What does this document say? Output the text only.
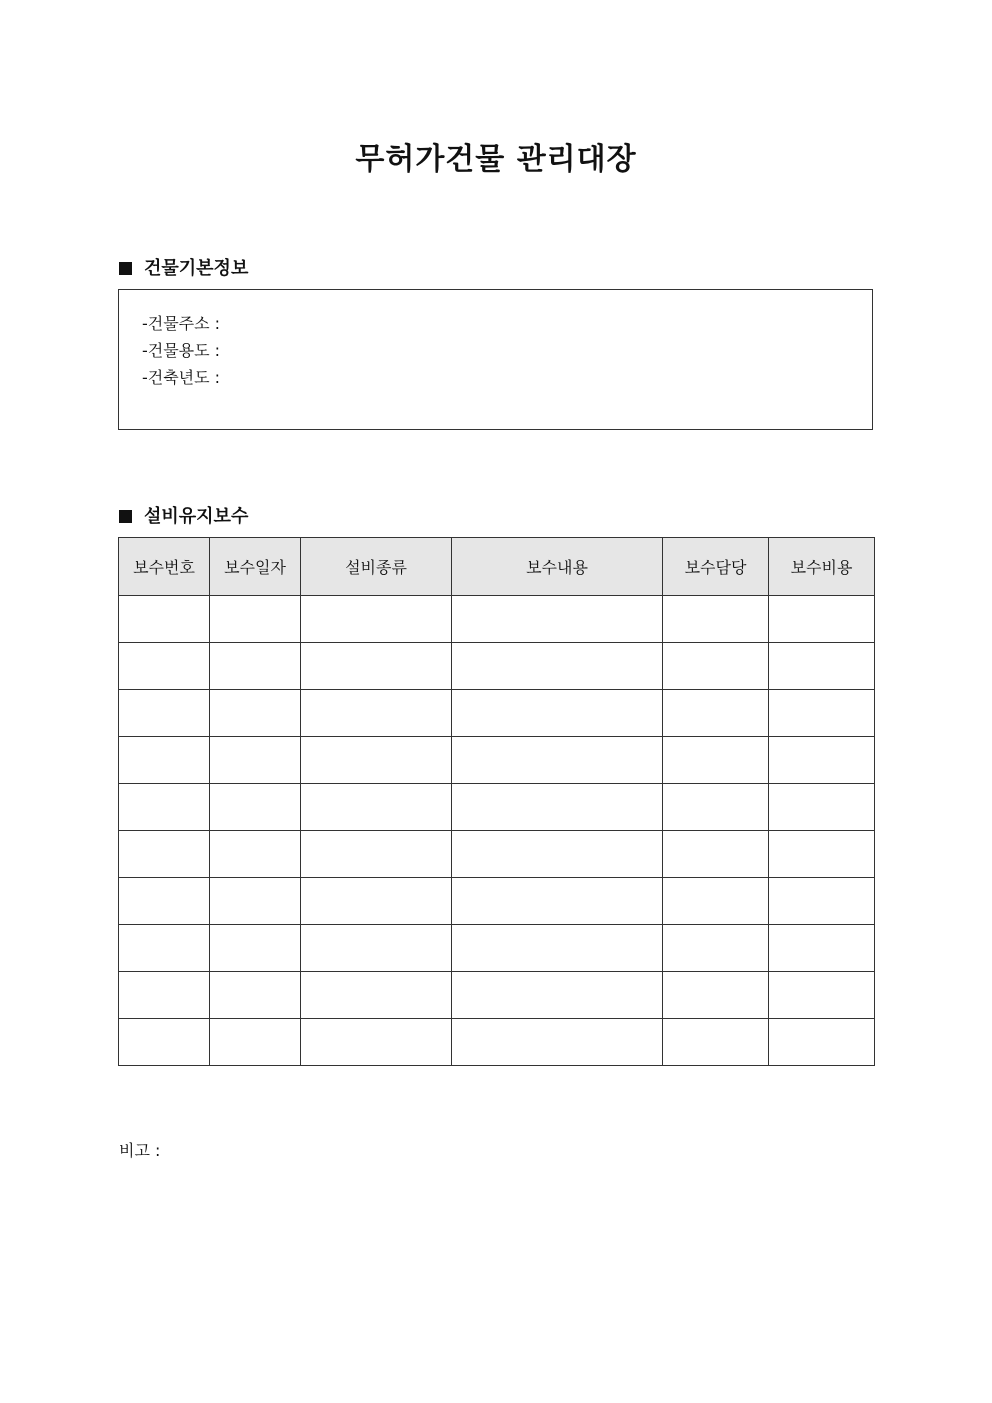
무허가건물 관리대장
건물기본정보
-건물주소 :
-건물용도 :
-건축년도 :
설비유지보수
보수번호	보수일자	설비종류	보수내용	보수담당	보수비용

비고 :
